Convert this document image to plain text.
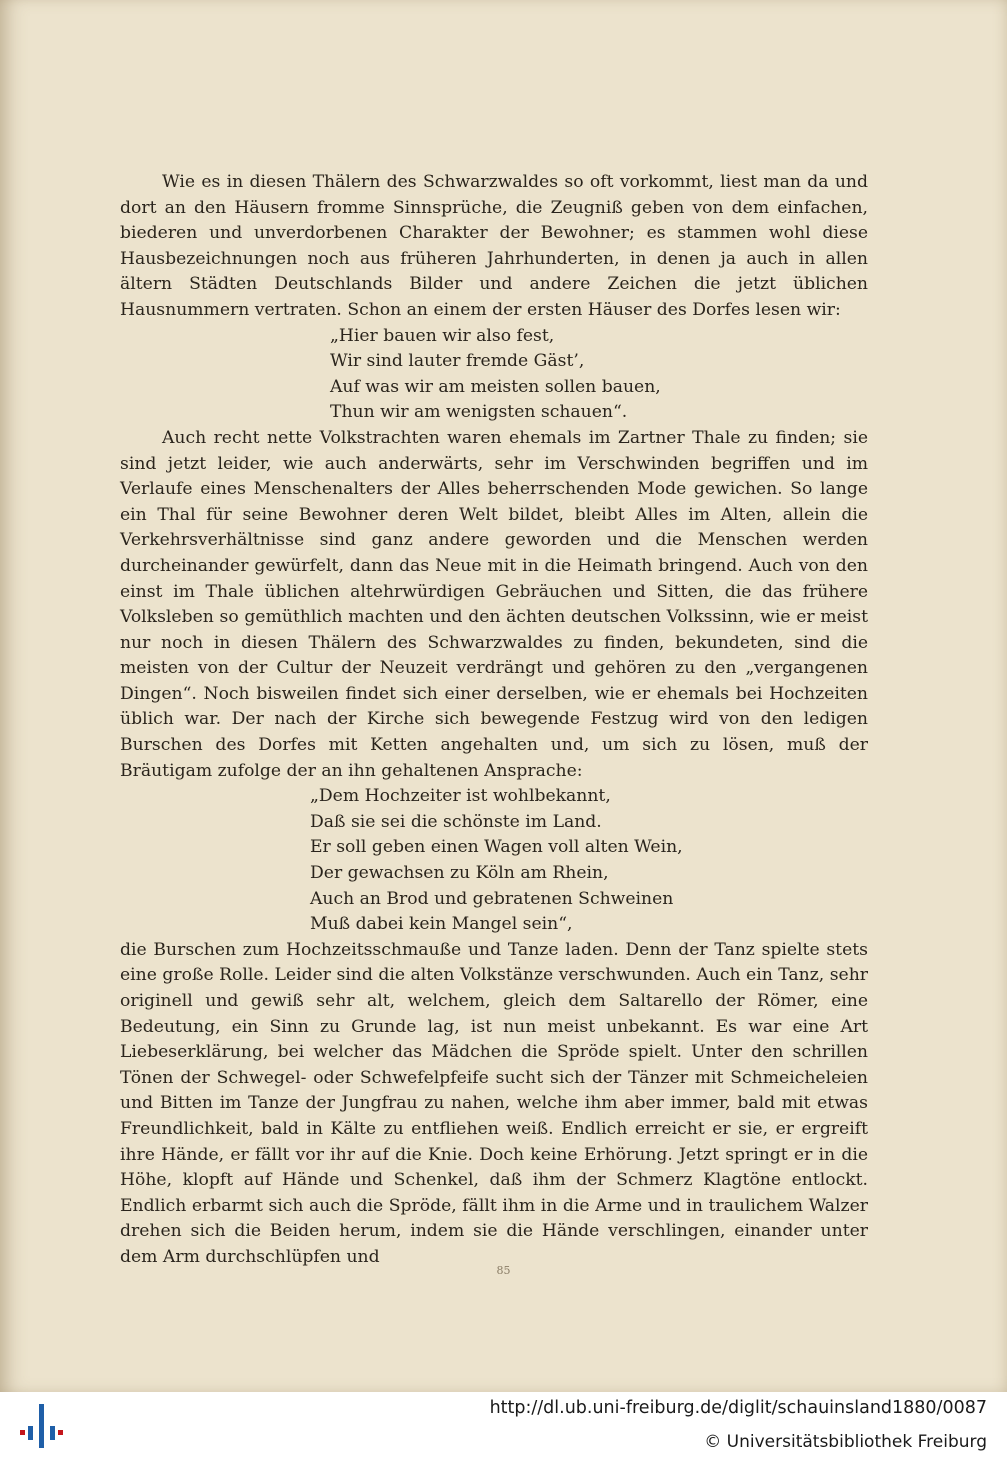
Wie es in diesen Thälern des Schwarzwaldes so oft vorkommt, liest man da und dort an den Häusern fromme Sinnsprüche, die Zeugniß geben von dem einfachen, biederen und unverdorbenen Charakter der Bewohner; es stammen wohl diese Hausbezeichnungen noch aus früheren Jahrhunderten, in denen ja auch in allen ältern Städten Deutschlands Bilder und andere Zeichen die jetzt üblichen Hausnummern vertraten. Schon an einem der ersten Häuser des Dorfes lesen wir:

„Hier bauen wir also fest,
Wir sind lauter fremde Gäst’,
Auf was wir am meisten sollen bauen,
Thun wir am wenigsten schauen“.

Auch recht nette Volkstrachten waren ehemals im Zartner Thale zu finden; sie sind jetzt leider, wie auch anderwärts, sehr im Verschwinden begriffen und im Verlaufe eines Menschenalters der Alles beherrschenden Mode gewichen. So lange ein Thal für seine Bewohner deren Welt bildet, bleibt Alles im Alten, allein die Verkehrsverhältnisse sind ganz andere geworden und die Menschen werden durcheinander gewürfelt, dann das Neue mit in die Heimath bringend. Auch von den einst im Thale üblichen altehrwürdigen Gebräuchen und Sitten, die das frühere Volksleben so gemüthlich machten und den ächten deutschen Volkssinn, wie er meist nur noch in diesen Thälern des Schwarzwaldes zu finden, bekundeten, sind die meisten von der Cultur der Neuzeit verdrängt und gehören zu den „vergangenen Dingen“. Noch bisweilen findet sich einer derselben, wie er ehemals bei Hochzeiten üblich war. Der nach der Kirche sich bewegende Festzug wird von den ledigen Burschen des Dorfes mit Ketten angehalten und, um sich zu lösen, muß der Bräutigam zufolge der an ihn gehaltenen Ansprache:

„Dem Hochzeiter ist wohlbekannt,
Daß sie sei die schönste im Land.
Er soll geben einen Wagen voll alten Wein,
Der gewachsen zu Köln am Rhein,
Auch an Brod und gebratenen Schweinen
Muß dabei kein Mangel sein“,

die Burschen zum Hochzeitsschmauße und Tanze laden. Denn der Tanz spielte stets eine große Rolle. Leider sind die alten Volkstänze verschwunden. Auch ein Tanz, sehr originell und gewiß sehr alt, welchem, gleich dem Saltarello der Römer, eine Bedeutung, ein Sinn zu Grunde lag, ist nun meist unbekannt. Es war eine Art Liebeserklärung, bei welcher das Mädchen die Spröde spielt. Unter den schrillen Tönen der Schwegel- oder Schwefelpfeife sucht sich der Tänzer mit Schmeicheleien und Bitten im Tanze der Jungfrau zu nahen, welche ihm aber immer, bald mit etwas Freundlichkeit, bald in Kälte zu entfliehen weiß. Endlich erreicht er sie, er ergreift ihre Hände, er fällt vor ihr auf die Knie. Doch keine Erhörung. Jetzt springt er in die Höhe, klopft auf Hände und Schenkel, daß ihm der Schmerz Klagtöne entlockt. Endlich erbarmt sich auch die Spröde, fällt ihm in die Arme und in traulichem Walzer drehen sich die Beiden herum, indem sie die Hände verschlingen, einander unter dem Arm durchschlüpfen und

85
http://dl.ub.uni-freiburg.de/diglit/schauinsland1880/0087
© Universitätsbibliothek Freiburg
